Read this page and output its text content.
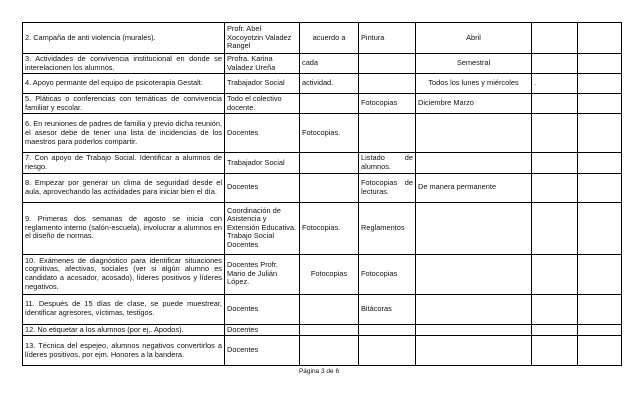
2. Campaña de anti violencia (murales).	Profr. Abel Xocoyotzin Valadez Rangel	acuerdo a	Pintura	Abril		
3. Actividades de convivencia institucional en donde se interelacionen los alumnos.	Profra. Karina Valadez Ureña	cada		Semestral		
4. Apoyo permante del equipo de psicoterapia Gestalt.	Trabajador Social	actividad.		Todos los lunes y miércoles	.	
5. Pláticas o conferencias con temáticas de convivencia familiar y escolar.	Todo el colectivo docente.		Fotocopias	Diciembre Marzo		
6. En reuniones de padres de familia y previo dicha reunión, el asesor debe de tener una lista de incidencias de los maestros para poderlos compartir.	Docentes	Fotocopias.				
7. Con apoyo de Trabajo Social. Identificar a alumnos de riesgo.	Trabajador Social		Listado de alumnos.			
8. Empezar por generar un clima de seguridad desde el aula, aprovechando las actividades para iniciar bien el día.	Docentes		Fotocopias de lecturas.	De manera permanente		
9. Primeras dos semanas de agosto se inicia con reglamento interno (salón-escuela), involucrar a alumnos en el diseño de normas.	Coordinación de Asistencia y Extensión Educativa. Trabajo Social Docentes	Fotocopias.	Reglamentos			
10. Exámenes de diagnóstico para identificar situaciones cognitivas, afectivas, sociales (ver si algún alumno es candidato a acosador, acosado), líderes positivos y líderes negativos.	Docentes Profr. Mario de Julián López.	Fotocopias	Fotocopias			
11. Después de 15 días de clase, se puede muestrear, identificar agresores, víctimas, testigos.	Docentes		Bitácoras			
12. No etiquetar a los alumnos (por ej,. Apodos).	Docentes					
13. Técnica del espejeo, alumnos negativos convertirlos a líderes positivos, por ejm. Honores a la bandera.	Docentes					
Página 3 de 6
